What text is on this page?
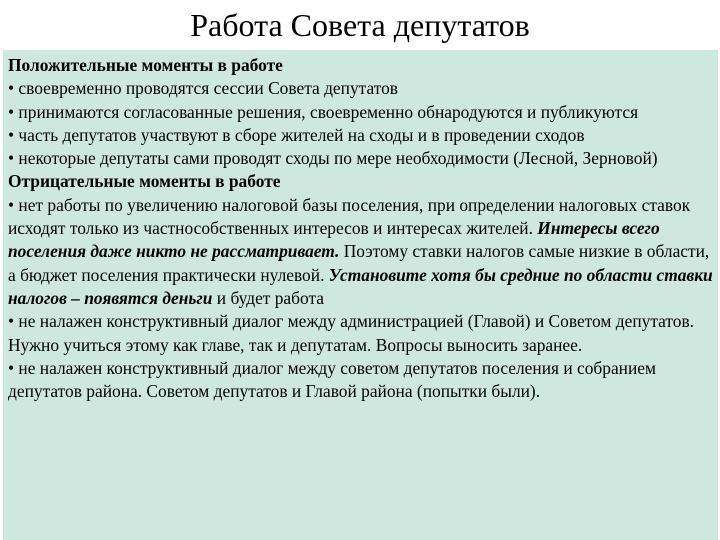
Работа Совета депутатов

Положительные моменты в работе

• своевременно проводятся сессии Совета депутатов

• принимаются согласованные решения, своевременно обнародуются и публикуются

• часть депутатов участвуют в сборе жителей на сходы и в проведении сходов

• некоторые депутаты сами проводят сходы по мере необходимости (Лесной, Зерновой)

Отрицательные моменты в работе

• нет работы по увеличению налоговой базы поселения, при определении налоговых ставок исходят только из частнособственных интересов и интересах жителей. Интересы всего поселения даже никто не рассматривает. Поэтому ставки налогов самые низкие в области, а бюджет поселения практически нулевой. Установите хотя бы средние по области ставки налогов – появятся деньги и будет работа

• не налажен конструктивный диалог между администрацией (Главой) и Советом депутатов. Нужно учиться этому как главе, так и депутатам. Вопросы выносить заранее.

• не налажен конструктивный диалог между советом депутатов поселения и собранием депутатов района. Советом депутатов и Главой района (попытки были).
